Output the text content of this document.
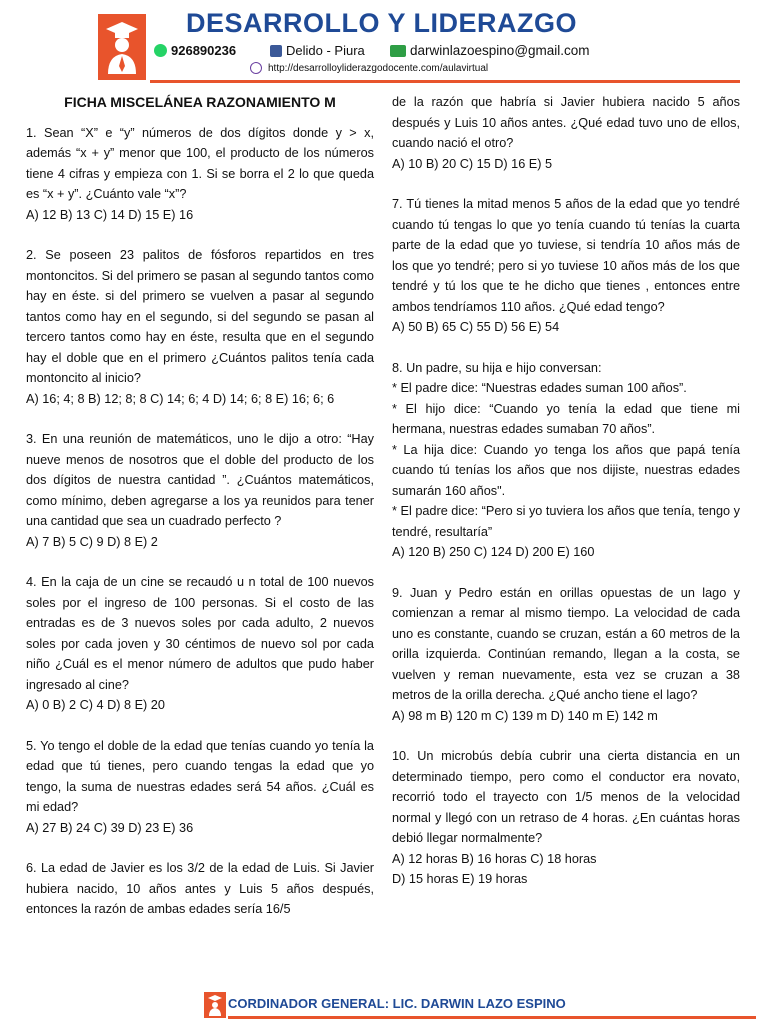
DESARROLLO Y LIDERAZGO
926890236	Delido - Piura	darwinlazoespino@gmail.com
http://desarrolloyliderazgodocente.com/aulavirtual
FICHA MISCELÁNEA RAZONAMIENTO M

1. Sean “X” e “y” números de dos dígitos donde y > x, además “x + y” menor que 100, el producto de los números tiene 4 cifras y empieza con 1. Si se borra el 2 lo que queda es “x + y”. ¿Cuánto vale “x”?

A) 12 B) 13 C) 14 D) 15 E) 16

2. Se poseen 23 palitos de fósforos repartidos en tres montoncitos. Si del primero se pasan al segundo tantos como hay en éste. si del primero se vuelven a pasar al segundo tantos como hay en el segundo, si del segundo se pasan al tercero tantos como hay en éste, resulta que en el segundo hay el doble que en el primero ¿Cuántos palitos tenía cada montoncito al inicio?

A) 16; 4; 8 B) 12; 8; 8 C) 14; 6; 4 D) 14; 6; 8 E) 16; 6; 6

3. En una reunión de matemáticos, uno le dijo a otro: “Hay nueve menos de nosotros que el doble del producto de los dos dígitos de nuestra cantidad ”. ¿Cuántos matemáticos, como mínimo, deben agregarse a los ya reunidos para tener una cantidad que sea un cuadrado perfecto ?

A) 7 B) 5 C) 9 D) 8 E) 2

4. En la caja de un cine se recaudó u n total de 100 nuevos soles por el ingreso de 100 personas. Si el costo de las entradas es de 3 nuevos soles por cada adulto, 2 nuevos soles por cada joven y 30 céntimos de nuevo sol por cada niño ¿Cuál es el menor número de adultos que pudo haber ingresado al cine?

A) 0 B) 2 C) 4 D) 8 E) 20

5. Yo tengo el doble de la edad que tenías cuando yo tenía la edad que tú tienes, pero cuando tengas la edad que yo tengo, la suma de nuestras edades será 54 años. ¿Cuál es mi edad?

A) 27 B) 24 C) 39 D) 23 E) 36

6. La edad de Javier es los 3/2 de la edad de Luis. Si Javier hubiera nacido, 10 años antes y Luis 5 años después, entonces la razón de ambas edades sería 16/5

de la razón que habría si Javier hubiera nacido 5 años después y Luis 10 años antes. ¿Qué edad tuvo uno de ellos, cuando nació el otro?

A) 10 B) 20 C) 15 D) 16 E) 5

7. Tú tienes la mitad menos 5 años de la edad que yo tendré cuando tú tengas lo que yo tenía cuando tú tenías la cuarta parte de la edad que yo tuviese, si tendría 10 años más de los que yo tendré; pero si yo tuviese 10 años más de los que tendré y tú los que te he dicho que tienes , entonces entre ambos tendríamos 110 años. ¿Qué edad tengo?

A) 50 B) 65 C) 55 D) 56 E) 54

8. Un padre, su hija e hijo conversan:
* El padre dice: “Nuestras edades suman 100 años”.
* El hijo dice: “Cuando yo tenía la edad que tiene mi hermana, nuestras edades sumaban 70 años”.
* La hija dice: Cuando yo tenga los años que papá tenía cuando tú tenías los años que nos dijiste, nuestras edades sumarán 160 años".
* El padre dice: “Pero si yo tuviera los años que tenía, tengo y tendré, resultaría”

A) 120 B) 250 C) 124 D) 200 E) 160

9. Juan y Pedro están en orillas opuestas de un lago y comienzan a remar al mismo tiempo. La velocidad de cada uno es constante, cuando se cruzan, están a 60 metros de la orilla izquierda. Continúan remando, llegan a la costa, se vuelven y reman nuevamente, esta vez se cruzan a 38 metros de la orilla derecha. ¿Qué ancho tiene el lago?

A) 98 m B) 120 m C) 139 m D) 140 m E) 142 m

10. Un microbús debía cubrir una cierta distancia en un determinado tiempo, pero como el conductor era novato, recorrió todo el trayecto con 1/5 menos de la velocidad normal y llegó con un retraso de 4 horas. ¿En cuántas horas debió llegar normalmente?

A) 12 horas B) 16 horas C) 18 horas
D) 15 horas E) 19 horas

CORDINADOR GENERAL: LIC. DARWIN LAZO ESPINO
